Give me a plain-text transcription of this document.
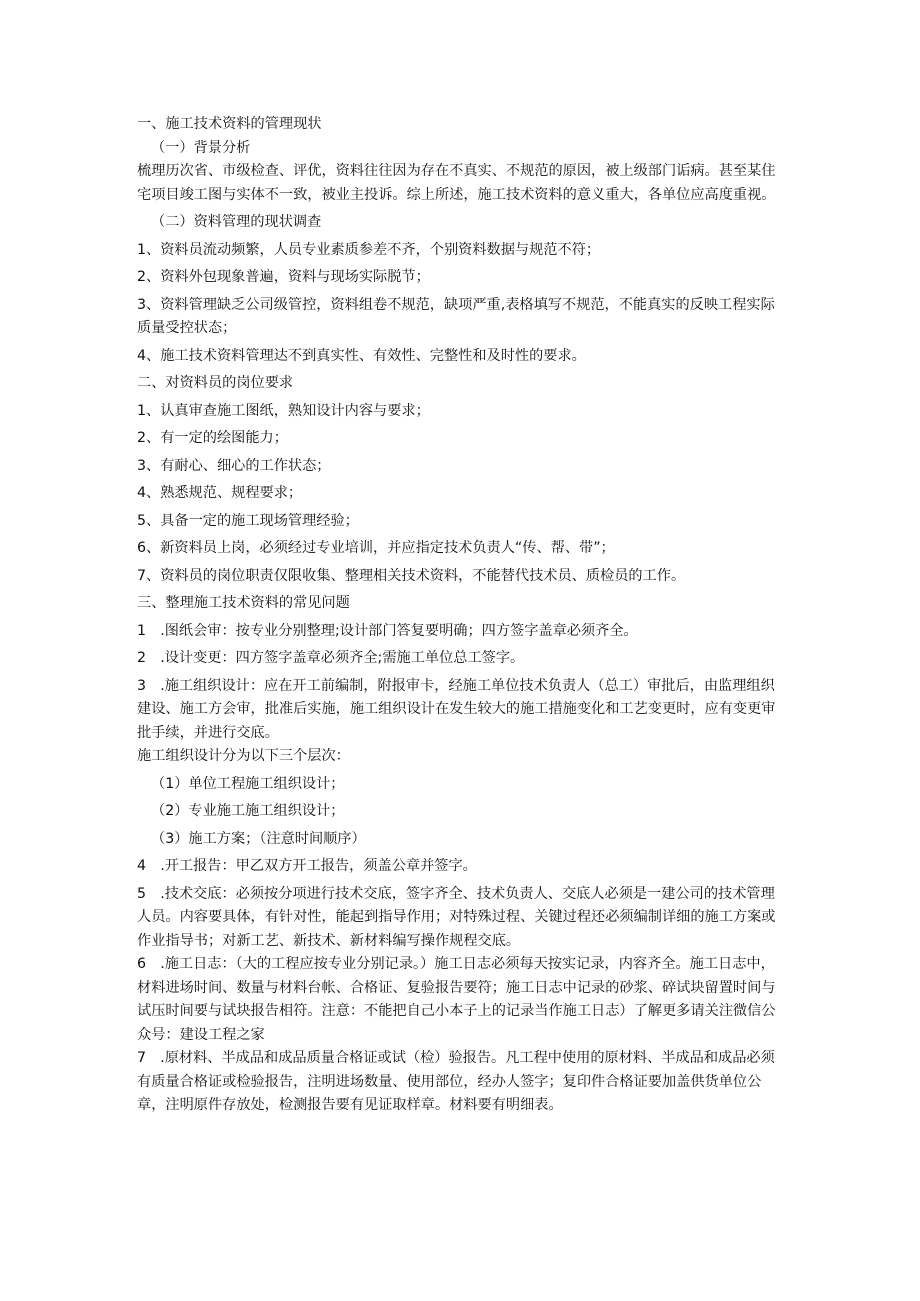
一、施工技术资料的管理现状

（一）背景分析

梳理历次省、市级检查、评优，资料往往因为存在不真实、不规范的原因，被上级部门诟病。甚至某住宅项目竣工图与实体不一致，被业主投诉。综上所述，施工技术资料的意义重大，各单位应高度重视。

（二）资料管理的现状调查

1、资料员流动频繁，人员专业素质参差不齐，个别资料数据与规范不符；

2、资料外包现象普遍，资料与现场实际脱节；

3、资料管理缺乏公司级管控，资料组卷不规范，缺项严重,表格填写不规范，不能真实的反映工程实际质量受控状态；

4、施工技术资料管理达不到真实性、有效性、完整性和及时性的要求。

二、对资料员的岗位要求

1、认真审查施工图纸，熟知设计内容与要求；

2、有一定的绘图能力；

3、有耐心、细心的工作状态；

4、熟悉规范、规程要求；

5、具备一定的施工现场管理经验；

6、新资料员上岗，必须经过专业培训，并应指定技术负责人“传、帮、带”；

7、资料员的岗位职责仅限收集、整理相关技术资料，不能替代技术员、质检员的工作。

三、整理施工技术资料的常见问题

1　.图纸会审：按专业分别整理;设计部门答复要明确；四方签字盖章必须齐全。

2　.设计变更：四方签字盖章必须齐全;需施工单位总工签字。

3　.施工组织设计：应在开工前编制，附报审卡，经施工单位技术负责人（总工）审批后，由监理组织建设、施工方会审，批准后实施，施工组织设计在发生较大的施工措施变化和工艺变更时，应有变更审批手续，并进行交底。

施工组织设计分为以下三个层次：

（1）单位工程施工组织设计；

（2）专业施工施工组织设计；

（3）施工方案；（注意时间顺序）

4　.开工报告：甲乙双方开工报告，须盖公章并签字。

5　.技术交底：必须按分项进行技术交底，签字齐全、技术负责人、交底人必须是一建公司的技术管理人员。内容要具体，有针对性，能起到指导作用；对特殊过程、关键过程还必须编制详细的施工方案或作业指导书；对新工艺、新技术、新材料编写操作规程交底。

6　.施工日志：（大的工程应按专业分别记录。）施工日志必须每天按实记录，内容齐全。施工日志中，材料进场时间、数量与材料台帐、合格证、复验报告要符；施工日志中记录的砂浆、碎试块留置时间与试压时间要与试块报告相符。注意：不能把自己小本子上的记录当作施工日志）了解更多请关注微信公众号：建设工程之家

7　.原材料、半成品和成品质量合格证或试（检）验报告。凡工程中使用的原材料、半成品和成品必须有质量合格证或检验报告，注明进场数量、使用部位，经办人签字；复印件合格证要加盖供货单位公章，注明原件存放处，检测报告要有见证取样章。材料要有明细表。
